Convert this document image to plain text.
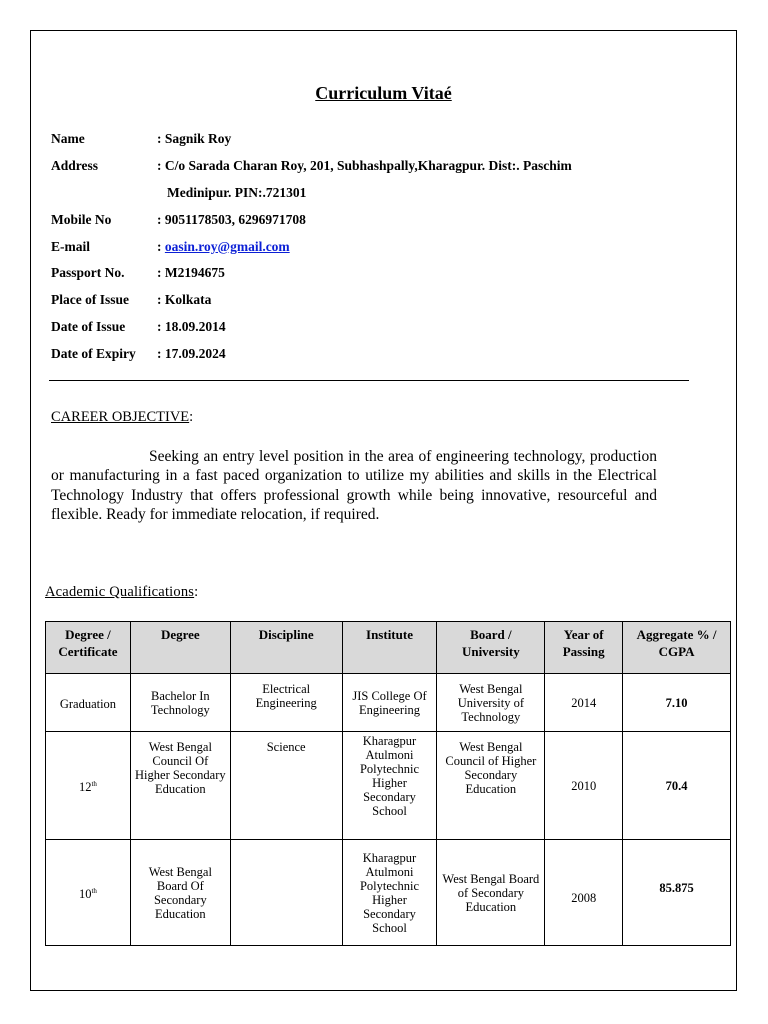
Curriculum Vitaé
Name	: Sagnik Roy
Address	: C/o Sarada Charan Roy, 201, Subhashpally,Kharagpur. Dist:. Paschim
Medinipur. PIN:.721301
Mobile No	: 9051178503, 6296971708
E-mail	: oasin.roy@gmail.com
Passport No.	: M2194675
Place of Issue	: Kolkata
Date of Issue	: 18.09.2014
Date of Expiry	: 17.09.2024
CAREER OBJECTIVE:
Seeking an entry level position in the area of engineering technology, production or manufacturing in a fast paced organization to utilize my abilities and skills in the Electrical Technology Industry that offers professional growth while being innovative, resourceful and flexible. Ready for immediate relocation, if required.
Academic Qualifications:
Degree / Certificate	Degree	Discipline	Institute	Board / University	Year of Passing	Aggregate % / CGPA
Graduation	Bachelor In Technology	Electrical Engineering	JIS College Of Engineering	West Bengal University of Technology	2014	7.10
12th	West Bengal Council Of Higher Secondary Education	Science	Kharagpur Atulmoni Polytechnic Higher Secondary School	West Bengal Council of Higher Secondary Education	2010	70.4
10th	West Bengal Board Of Secondary Education		Kharagpur Atulmoni Polytechnic Higher Secondary School	West Bengal Board of Secondary Education	2008	85.875
